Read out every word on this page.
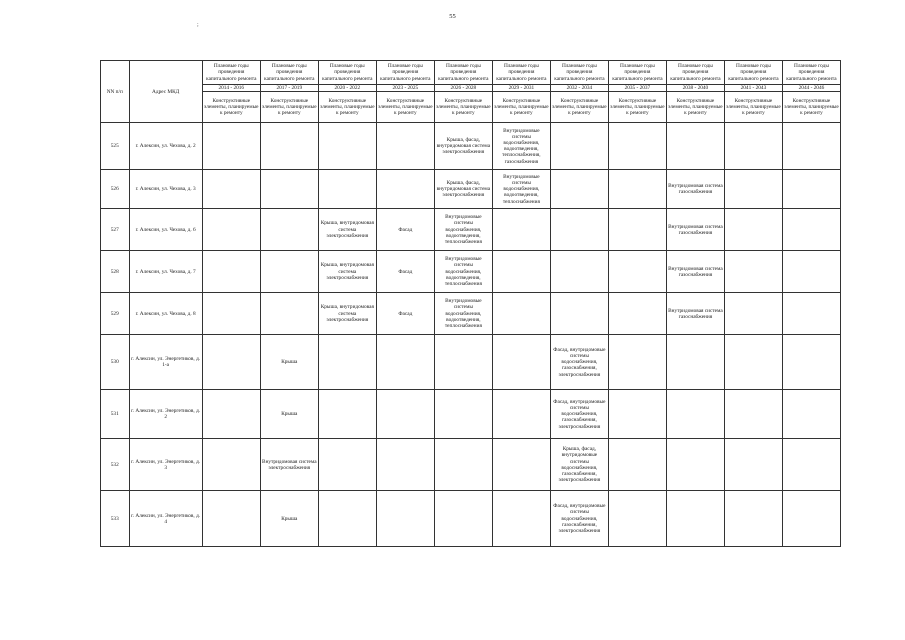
55
NN п/п	Адрес МКД	Плановые годы проведения капитального ремонта	Плановые годы проведения капитального ремонта	Плановые годы проведения капитального ремонта	Плановые годы проведения капитального ремонта	Плановые годы проведения капитального ремонта	Плановые годы проведения капитального ремонта	Плановые годы проведения капитального ремонта	Плановые годы проведения капитального ремонта	Плановые годы проведения капитального ремонта	Плановые годы проведения капитального ремонта	Плановые годы проведения капитального ремонта
		2014 - 2016	2017 - 2019	2020 - 2022	2023 - 2025	2026 - 2028	2029 - 2031	2032 - 2034	2035 - 2037	2038 - 2040	2041 - 2043	2044 - 2046
		Конструктивные элементы, планируемые к ремонту	Конструктивные элементы, планируемые к ремонту	Конструктивные элементы, планируемые к ремонту	Конструктивные элементы, планируемые к ремонту	Конструктивные элементы, планируемые к ремонту	Конструктивные элементы, планируемые к ремонту	Конструктивные элементы, планируемые к ремонту	Конструктивные элементы, планируемые к ремонту	Конструктивные элементы, планируемые к ремонту	Конструктивные элементы, планируемые к ремонту	Конструктивные элементы, планируемые к ремонту
525	г. Алексин, ул. Чехова, д. 2					Крыша, фасад, внутридомовая система электроснабжения	Внутридомовые системы водоснабжения, водоотведения, теплоснабжения, газоснабжения					
526	г. Алексин, ул. Чехова, д. 3					Крыша, фасад, внутридомовая система электроснабжения	Внутридомовые системы водоснабжения, водоотведения, теплоснабжения			Внутридомовая система газоснабжения		
527	г. Алексин, ул. Чехова, д. 6			Крыша, внутридомовая система электроснабжения	Фасад	Внутридомовые системы водоснабжения, водоотведения, теплоснабжения				Внутридомовая система газоснабжения		
528	г. Алексин, ул. Чехова, д. 7			Крыша, внутридомовая система электроснабжения	Фасад	Внутридомовые системы водоснабжения, водоотведения, теплоснабжения				Внутридомовая система газоснабжения		
529	г. Алексин, ул. Чехова, д. 8			Крыша, внутридомовая система электроснабжения	Фасад	Внутридомовые системы водоснабжения, водоотведения, теплоснабжения				Внутридомовая система газоснабжения		
530	г. Алексин, ул. Энергетиков, д. 1-а		Крыша					Фасад, внутридомовые системы водоснабжения, газоснабжения, электроснабжения				
531	г. Алексин, ул. Энергетиков, д. 2		Крыша					Фасад, внутридомовые системы водоснабжения, газоснабжения, электроснабжения				
532	г. Алексин, ул. Энергетиков, д. 3		Внутридомовая система электроснабжения					Крыша, фасад, внутридомовые системы водоснабжения, газоснабжения, электроснабжения				
533	г. Алексин, ул. Энергетиков, д. 4		Крыша					Фасад, внутридомовые системы водоснабжения, газоснабжения, электроснабжения				
;
